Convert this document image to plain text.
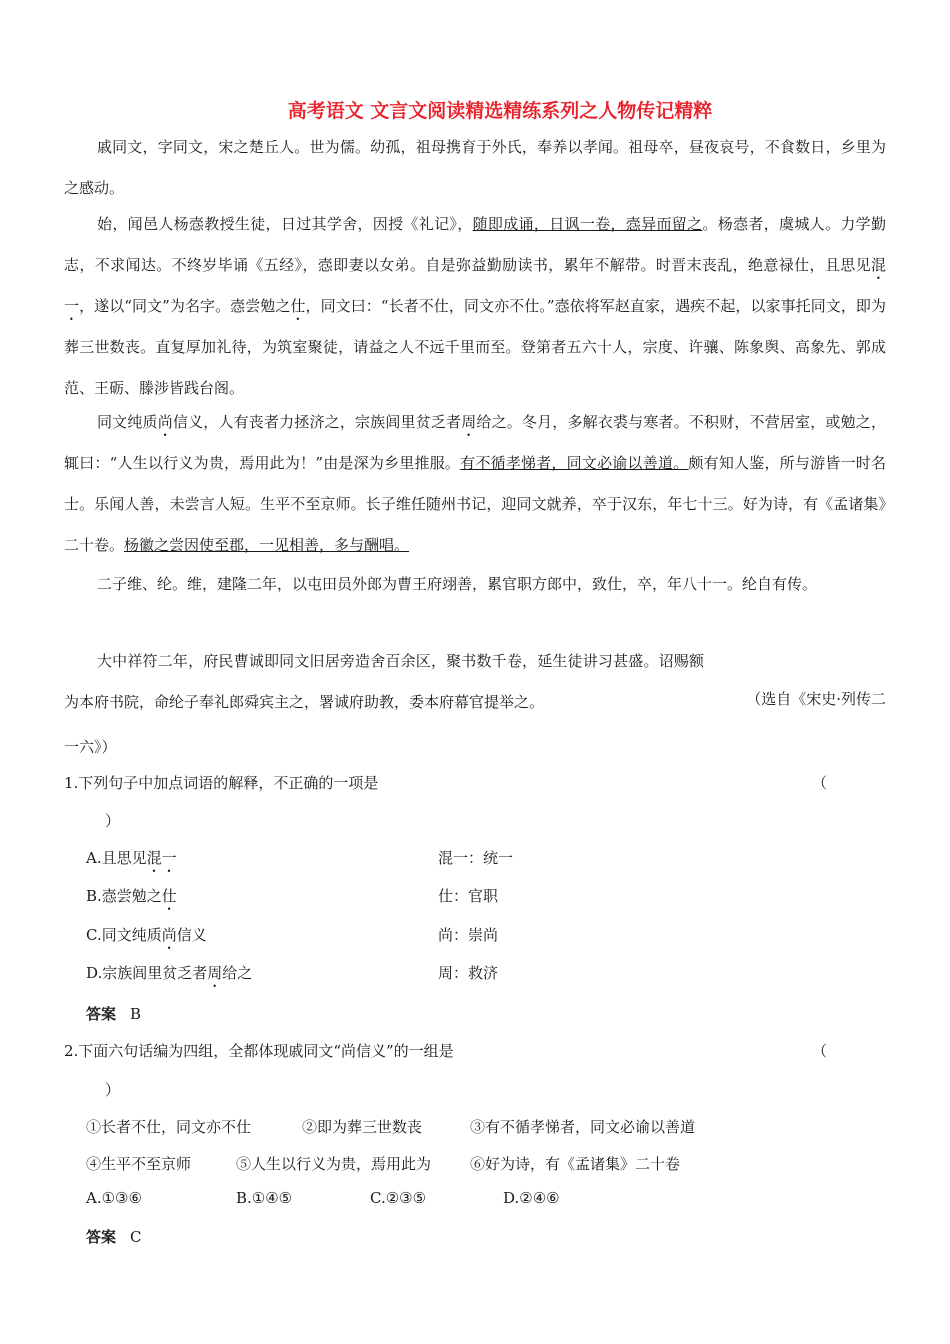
高考语文 文言文阅读精选精练系列之人物传记精粹

戚同文，字同文，宋之楚丘人。世为儒。幼孤，祖母携育于外氏，奉养以孝闻。祖母卒，昼夜哀号，不食数日，乡里为之感动。

始，闻邑人杨悫教授生徒，日过其学舍，因授《礼记》，随即成诵，日讽一卷，悫异而留之。杨悫者，虞城人。力学勤志，不求闻达。不终岁毕诵《五经》，悫即妻以女弟。自是弥益勤励读书，累年不解带。时晋末丧乱，绝意禄仕，且思见混一，遂以“同文”为名字。悫尝勉之仕，同文曰：“长者不仕，同文亦不仕。”悫依将军赵直家，遇疾不起，以家事托同文，即为葬三世数丧。直复厚加礼待，为筑室聚徒，请益之人不远千里而至。登第者五六十人，宗度、许骧、陈象舆、高象先、郭成范、王砺、滕涉皆践台阁。

同文纯质尚信义，人有丧者力拯济之，宗族闾里贫乏者周给之。冬月，多解衣裘与寒者。不积财，不营居室，或勉之，辄曰：“人生以行义为贵，焉用此为！”由是深为乡里推服。有不循孝悌者，同文必谕以善道。颇有知人鉴，所与游皆一时名士。乐闻人善，未尝言人短。生平不至京师。长子维任随州书记，迎同文就养，卒于汉东，年七十三。好为诗，有《孟诸集》二十卷。杨徽之尝因使至郡，一见相善，多与酬唱。

二子维、纶。维，建隆二年，以屯田员外郎为曹王府翊善，累官职方郎中，致仕，卒，年八十一。纶自有传。

大中祥符二年，府民曹诚即同文旧居旁造舍百余区，聚书数千卷，延生徒讲习甚盛。诏赐额为本府书院，命纶子奉礼郎舜宾主之，署诚府助教，委本府幕官提举之。	（选自《宋史·列传二

一六》）

1.下列句子中加点词语的解释，不正确的一项是	（

）

A.且思见混一	混一：统一

B.悫尝勉之仕	仕：官职

C.同文纯质尚信义	尚：崇尚

D.宗族闾里贫乏者周给之	周：救济

答案 B

2.下面六句话编为四组，全都体现戚同文“尚信义”的一组是	（

）

①长者不仕，同文亦不仕	②即为葬三世数丧	③有不循孝悌者，同文必谕以善道

④生平不至京师	⑤人生以行义为贵，焉用此为	⑥好为诗，有《孟诸集》二十卷

A.①③⑥	B.①④⑤	C.②③⑤	D.②④⑥

答案 C
